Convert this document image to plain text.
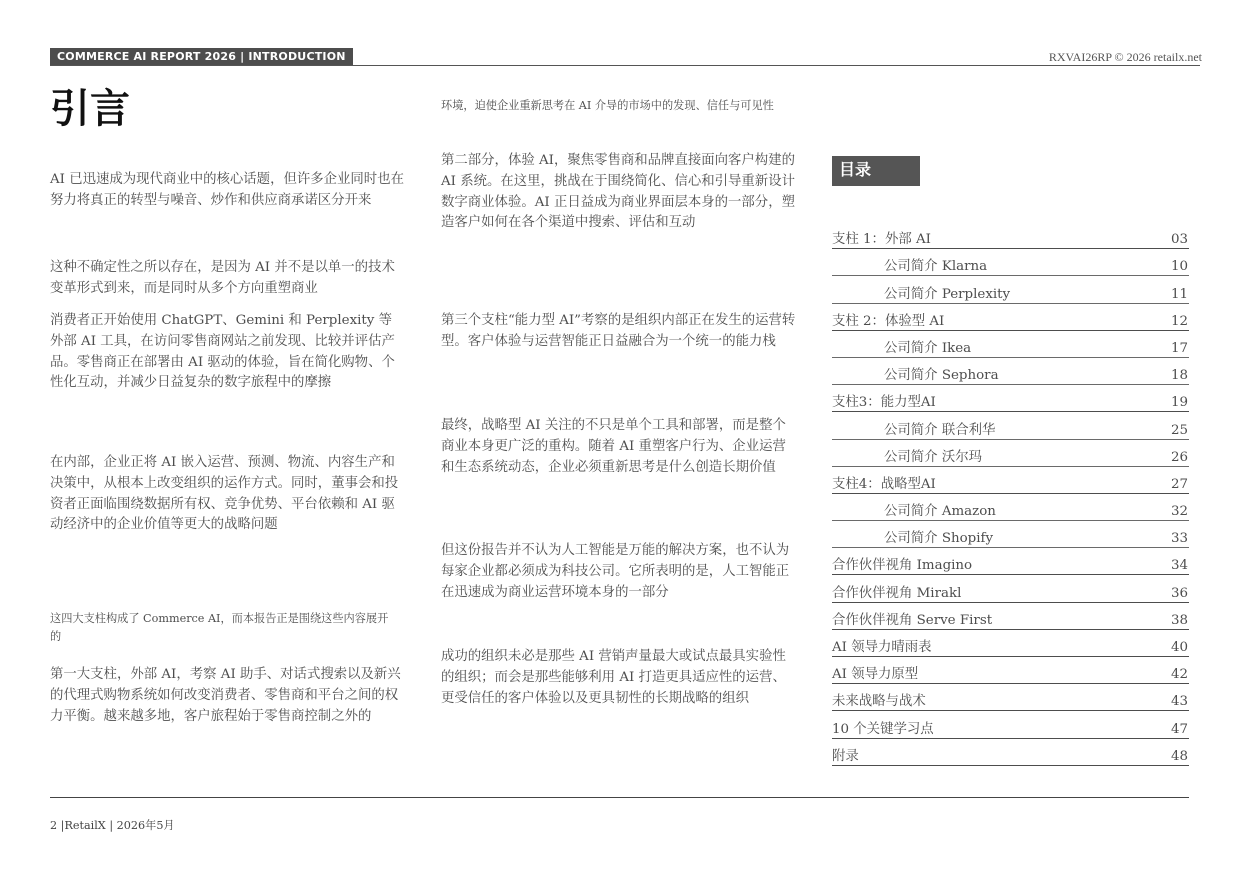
COMMERCE AI REPORT 2026 | INTRODUCTION	RXVAI26RP © 2026 retailx.net
引言

AI 已迅速成为现代商业中的核心话题，但许多企业同时也在努力将真正的转型与噪音、炒作和供应商承诺区分开来

这种不确定性之所以存在，是因为 AI 并不是以单一的技术变革形式到来，而是同时从多个方向重塑商业

消费者正开始使用 ChatGPT、Gemini 和 Perplexity 等外部 AI 工具，在访问零售商网站之前发现、比较并评估产品。零售商正在部署由 AI 驱动的体验，旨在简化购物、个性化互动，并减少日益复杂的数字旅程中的摩擦

在内部，企业正将 AI 嵌入运营、预测、物流、内容生产和决策中，从根本上改变组织的运作方式。同时，董事会和投资者正面临围绕数据所有权、竞争优势、平台依赖和 AI 驱动经济中的企业价值等更大的战略问题

这四大支柱构成了 Commerce AI，而本报告正是围绕这些内容展开的

第一大支柱，外部 AI，考察 AI 助手、对话式搜索以及新兴的代理式购物系统如何改变消费者、零售商和平台之间的权力平衡。越来越多地，客户旅程始于零售商控制之外的

环境，迫使企业重新思考在 AI 介导的市场中的发现、信任与可见性

第二部分，体验 AI，聚焦零售商和品牌直接面向客户构建的 AI 系统。在这里，挑战在于围绕简化、信心和引导重新设计数字商业体验。AI 正日益成为商业界面层本身的一部分，塑造客户如何在各个渠道中搜索、评估和互动

第三个支柱“能力型 AI”考察的是组织内部正在发生的运营转型。客户体验与运营智能正日益融合为一个统一的能力栈

最终，战略型 AI 关注的不只是单个工具和部署，而是整个商业本身更广泛的重构。随着 AI 重塑客户行为、企业运营和生态系统动态，企业必须重新思考是什么创造长期价值

但这份报告并不认为人工智能是万能的解决方案，也不认为每家企业都必须成为科技公司。它所表明的是，人工智能正在迅速成为商业运营环境本身的一部分

成功的组织未必是那些 AI 营销声量最大或试点最具实验性的组织；而会是那些能够利用 AI 打造更具适应性的运营、更受信任的客户体验以及更具韧性的长期战略的组织

目录
支柱 1：外部 AI	03
公司简介 Klarna	10
公司简介 Perplexity	11
支柱 2：体验型 AI	12
公司简介 Ikea	17
公司简介 Sephora	18
支柱3：能力型AI	19
公司简介 联合利华	25
公司简介 沃尔玛	26
支柱4：战略型AI	27
公司简介 Amazon	32
公司简介 Shopify	33
合作伙伴视角 Imagino	34
合作伙伴视角 Mirakl	36
合作伙伴视角 Serve First	38
AI 领导力晴雨表	40
AI 领导力原型	42
未来战略与战术	43
10 个关键学习点	47
附录	48
2 |RetailX | 2026年5月
